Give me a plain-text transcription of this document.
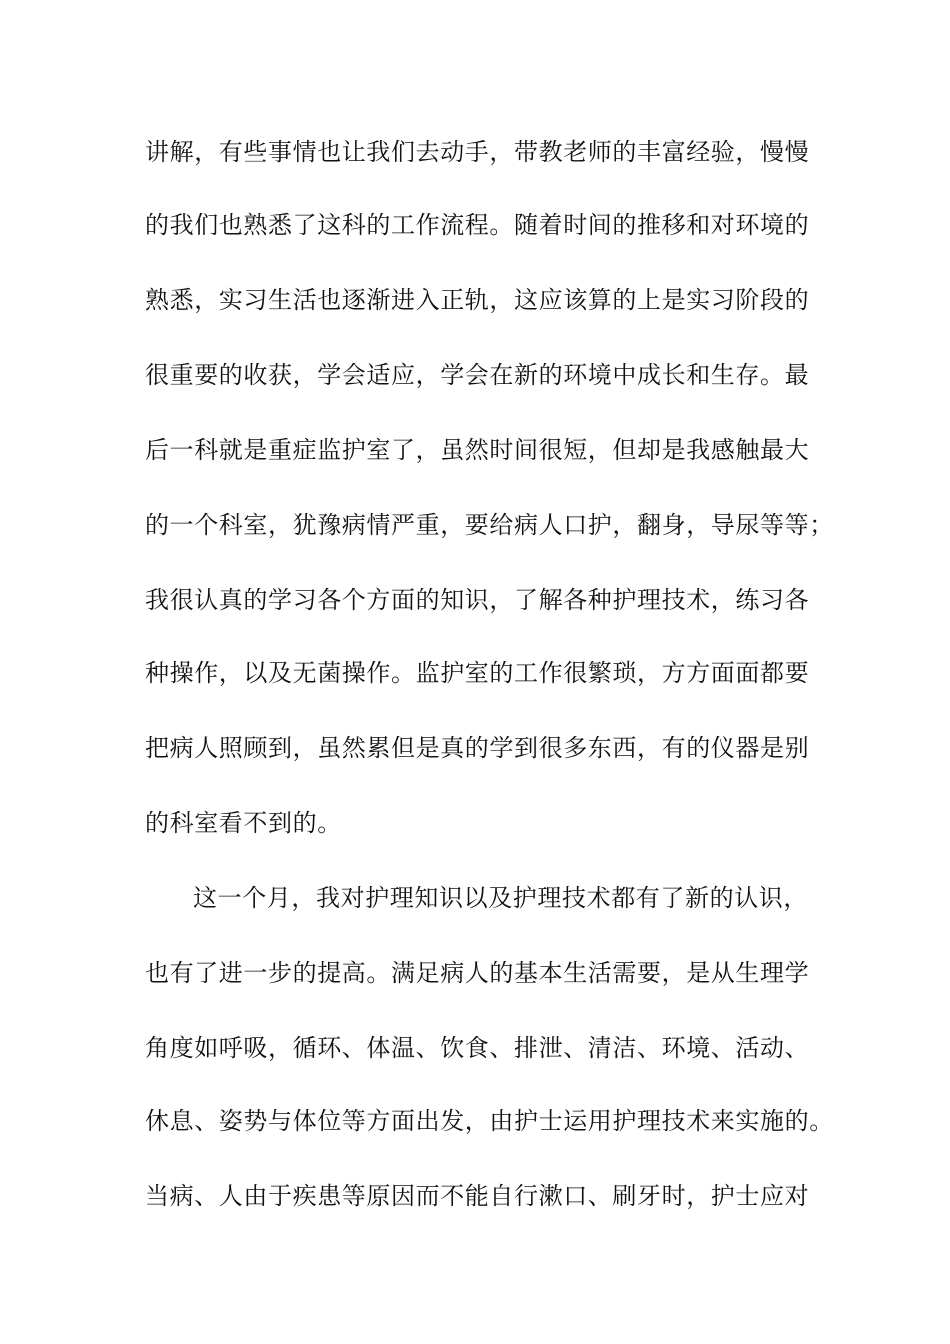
讲解，有些事情也让我们去动手，带教老师的丰富经验，慢慢
的我们也熟悉了这科的工作流程。随着时间的推移和对环境的
熟悉，实习生活也逐渐进入正轨，这应该算的上是实习阶段的
很重要的收获，学会适应，学会在新的环境中成长和生存。最
后一科就是重症监护室了，虽然时间很短，但却是我感触最大
的一个科室，犹豫病情严重，要给病人口护，翻身，导尿等等；
我很认真的学习各个方面的知识，了解各种护理技术，练习各
种操作，以及无菌操作。监护室的工作很繁琐，方方面面都要
把病人照顾到，虽然累但是真的学到很多东西，有的仪器是别
的科室看不到的。
这一个月，我对护理知识以及护理技术都有了新的认识，
也有了进一步的提高。满足病人的基本生活需要，是从生理学
角度如呼吸，循环、体温、饮食、排泄、清洁、环境、活动、
休息、姿势与体位等方面出发，由护士运用护理技术来实施的。
当病、人由于疾患等原因而不能自行漱口、刷牙时，护士应对
